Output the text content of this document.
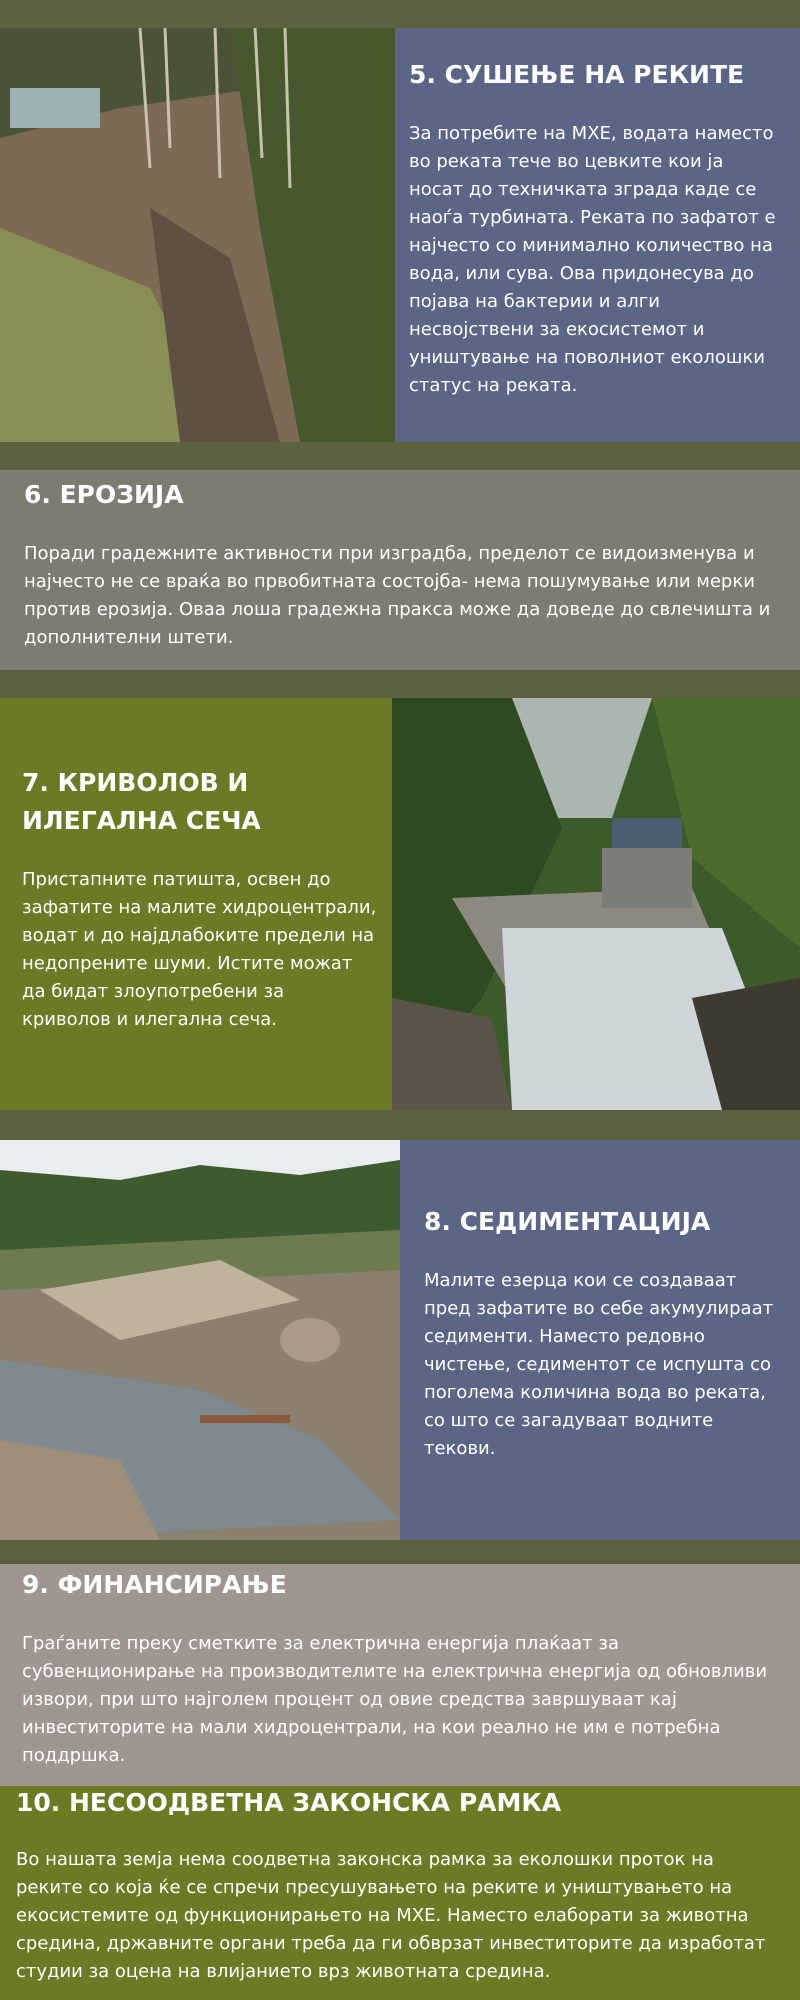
5. СУШЕЊЕ НА РЕКИТЕ

За потребите на МХЕ, водата наместо во реката тече во цевките кои ја носат до техничката зграда каде се наоѓа турбината. Реката по зафатот е најчесто со минимално количество на вода, или сува. Ова придонесува до појава на бактерии и алги несвојствени за екосистемот и уништување на поволниот еколошки статус на реката.

6. ЕРОЗИЈА

Поради градежните активности при изградба, пределот се видоизменува и најчесто не се враќа во првобитната состојба- нема пошумување или мерки против ерозија. Оваа лоша градежна пракса може да доведе до свлечишта и дополнителни штети.

7. КРИВОЛОВ И ИЛЕГАЛНА СЕЧА

Пристапните патишта, освен до зафатите на малите хидроцентрали, водат и до најдлабоките предели на недопрените шуми. Истите можат да бидат злоупотребени за криволов и илегална сеча.

8. СЕДИМЕНТАЦИЈА

Малите езерца кои се создаваат пред зафатите во себе акумулираат седименти. Наместо редовно чистење, седиментот се испушта со поголема количина вода во реката, со што се загадуваат водните текови.

9. ФИНАНСИРАЊЕ

Граѓаните преку сметките за електрична енергија плаќаат за субвенционирање на производителите на електрична енергија од обновливи извори, при што најголем процент од овие средства завршуваат кај инвеститорите на мали хидроцентрали, на кои реално не им е потребна поддршка.

10. НЕСООДВЕТНА ЗАКОНСКА РАМКА

Во нашата земја нема соодветна законска рамка за еколошки проток на реките со која ќе се спречи пресушувањето на реките и уништувањето на екосистемите од функционирањето на МХЕ. Наместо елаборати за животна средина, државните органи треба да ги обврзат инвеститорите да изработат студии за оцена на влијанието врз животната средина.
